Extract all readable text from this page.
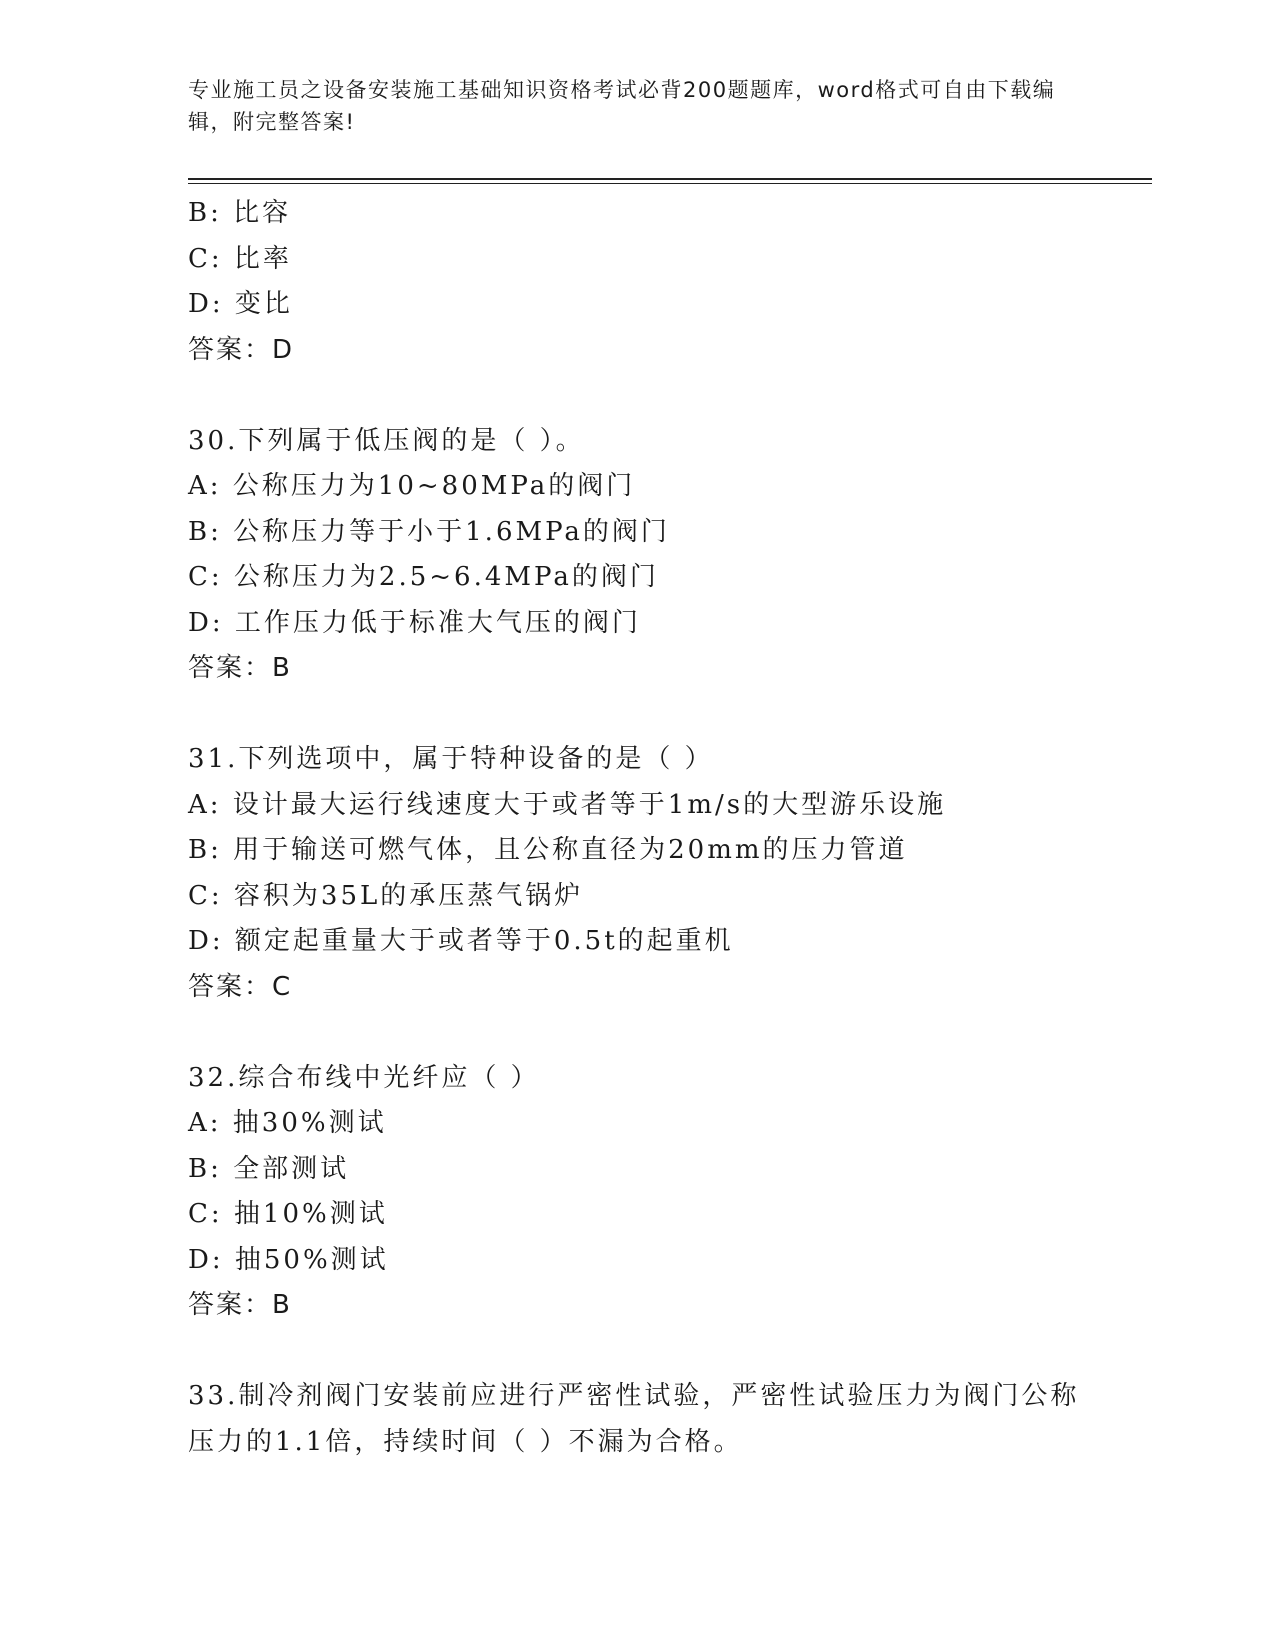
专业施工员之设备安装施工基础知识资格考试必背200题题库，word格式可自由下载编辑，附完整答案!
B: 比容
C: 比率
D: 变比
答案：D
30.下列属于低压阀的是（ ）。
A: 公称压力为10~80MPa的阀门
B: 公称压力等于小于1.6MPa的阀门
C: 公称压力为2.5~6.4MPa的阀门
D: 工作压力低于标准大气压的阀门
答案：B
31.下列选项中，属于特种设备的是（ ）
A: 设计最大运行线速度大于或者等于1m/s的大型游乐设施
B: 用于输送可燃气体，且公称直径为20mm的压力管道
C: 容积为35L的承压蒸气锅炉
D: 额定起重量大于或者等于0.5t的起重机
答案：C
32.综合布线中光纤应（ ）
A: 抽30%测试
B: 全部测试
C: 抽10%测试
D: 抽50%测试
答案：B
33.制冷剂阀门安装前应进行严密性试验，严密性试验压力为阀门公称压力的1.1倍，持续时间（ ）不漏为合格。
